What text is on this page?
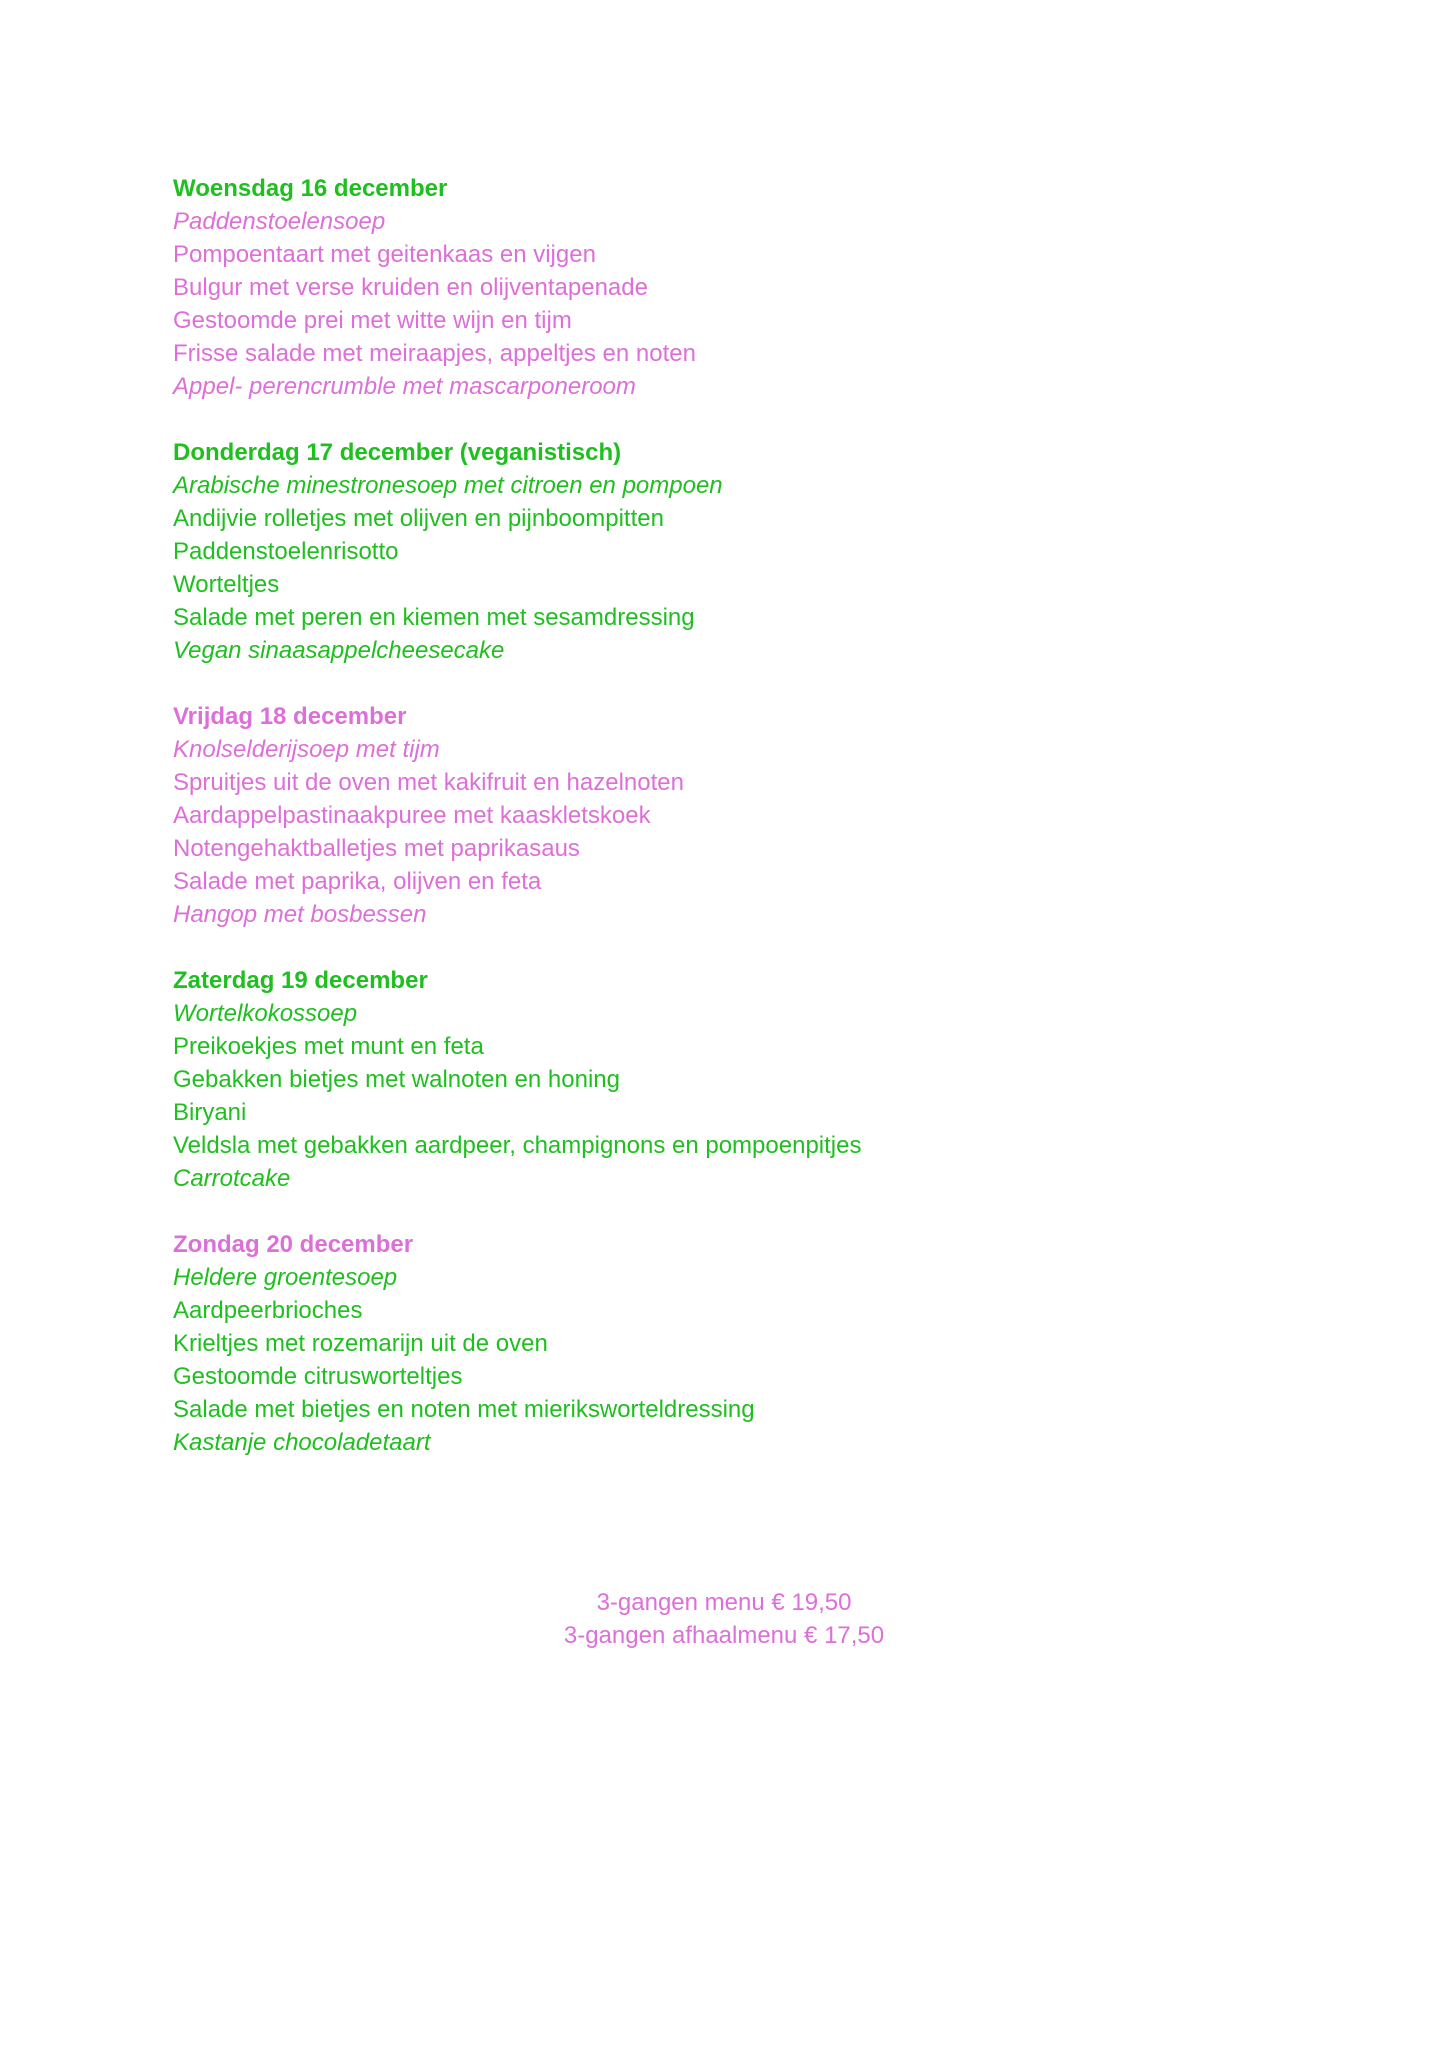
Woensdag 16 december
Paddenstoelensoep
Pompoentaart met geitenkaas en vijgen
Bulgur met verse kruiden en olijventapenade
Gestoomde prei met witte wijn en tijm
Frisse salade met meiraapjes, appeltjes en noten
Appel- perencrumble met mascarponeroom
Donderdag 17 december (veganistisch)
Arabische minestronesoep met citroen en pompoen
Andijvie rolletjes met olijven en pijnboompitten
Paddenstoelenrisotto
Worteltjes
Salade met peren en kiemen met sesamdressing
Vegan sinaasappelcheesecake
Vrijdag 18 december
Knolselderijsoep met tijm
Spruitjes uit de oven met kakifruit en hazelnoten
Aardappelpastinaakpuree met kaaskletskoek
Notengehaktballetjes met paprikasaus
Salade met paprika, olijven en feta
Hangop met bosbessen
Zaterdag 19 december
Wortelkokossoep
Preikoekjes met munt en feta
Gebakken bietjes met walnoten en honing
Biryani
Veldsla met gebakken aardpeer, champignons en pompoenpitjes
Carrotcake
Zondag 20 december
Heldere groentesoep
Aardpeerbrioches
Krieltjes met rozemarijn uit de oven
Gestoomde citrusworteltjes
Salade met bietjes en noten met mieriksworteldressing
Kastanje chocoladetaart
3-gangen menu € 19,50
3-gangen afhaalmenu € 17,50
